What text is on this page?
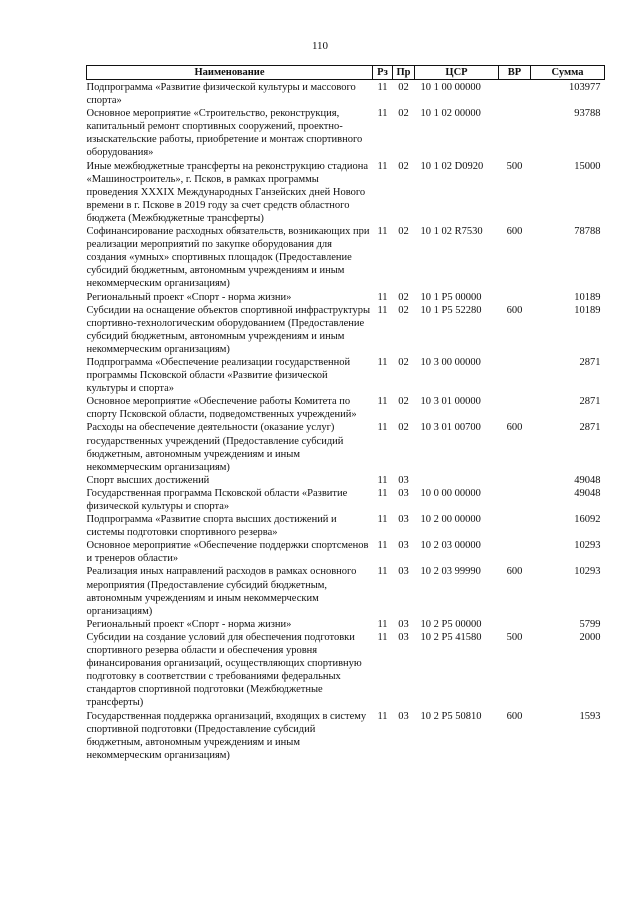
110
Наименование	Рз	Пр	ЦСР	ВР	Сумма
Подпрограмма «Развитие физической культуры и массового спорта»	11	02	10 1 00 00000		103977
Основное мероприятие «Строительство, реконструкция, капитальный ремонт спортивных сооружений, проектно-изыскательские работы, приобретение и монтаж спортивного оборудования»	11	02	10 1 02 00000		93788
Иные межбюджетные трансферты на реконструкцию стадиона «Машиностроитель», г. Псков, в рамках программы проведения XXXIX Международных Ганзейских дней Нового времени в г. Пскове в 2019 году за счет средств областного бюджета (Межбюджетные трансферты)	11	02	10 1 02 D0920	500	15000
Софинансирование расходных обязательств, возникающих при реализации мероприятий по закупке оборудования для создания «умных» спортивных площадок (Предоставление субсидий бюджетным, автономным учреждениям и иным некоммерческим организациям)	11	02	10 1 02 R7530	600	78788
Региональный проект «Спорт - норма жизни»	11	02	10 1 P5 00000		10189
Субсидии на оснащение объектов спортивной инфраструктуры спортивно-технологическим оборудованием (Предоставление субсидий бюджетным, автономным учреждениям и иным некоммерческим организациям)	11	02	10 1 P5 52280	600	10189
Подпрограмма «Обеспечение реализации государственной программы Псковской области «Развитие физической культуры и спорта»	11	02	10 3 00 00000		2871
Основное мероприятие «Обеспечение работы Комитета по спорту Псковской области, подведомственных учреждений»	11	02	10 3 01 00000		2871
Расходы на обеспечение деятельности (оказание услуг) государственных учреждений (Предоставление субсидий бюджетным, автономным учреждениям и иным некоммерческим организациям)	11	02	10 3 01 00700	600	2871
Спорт высших достижений	11	03			49048
Государственная программа Псковской области «Развитие физической культуры и спорта»	11	03	10 0 00 00000		49048
Подпрограмма «Развитие спорта высших достижений и системы подготовки спортивного резерва»	11	03	10 2 00 00000		16092
Основное мероприятие «Обеспечение поддержки спортсменов и тренеров области»	11	03	10 2 03 00000		10293
Реализация иных направлений расходов в рамках основного мероприятия (Предоставление субсидий бюджетным, автономным учреждениям и иным некоммерческим организациям)	11	03	10 2 03 99990	600	10293
Региональный проект «Спорт - норма жизни»	11	03	10 2 P5 00000		5799
Субсидии на создание условий для обеспечения подготовки спортивного резерва области и обеспечения уровня финансирования организаций, осуществляющих спортивную подготовку в соответствии с требованиями федеральных стандартов спортивной подготовки (Межбюджетные трансферты)	11	03	10 2 P5 41580	500	2000
Государственная поддержка организаций, входящих в систему спортивной подготовки (Предоставление субсидий бюджетным, автономным учреждениям и иным некоммерческим организациям)	11	03	10 2 P5 50810	600	1593
